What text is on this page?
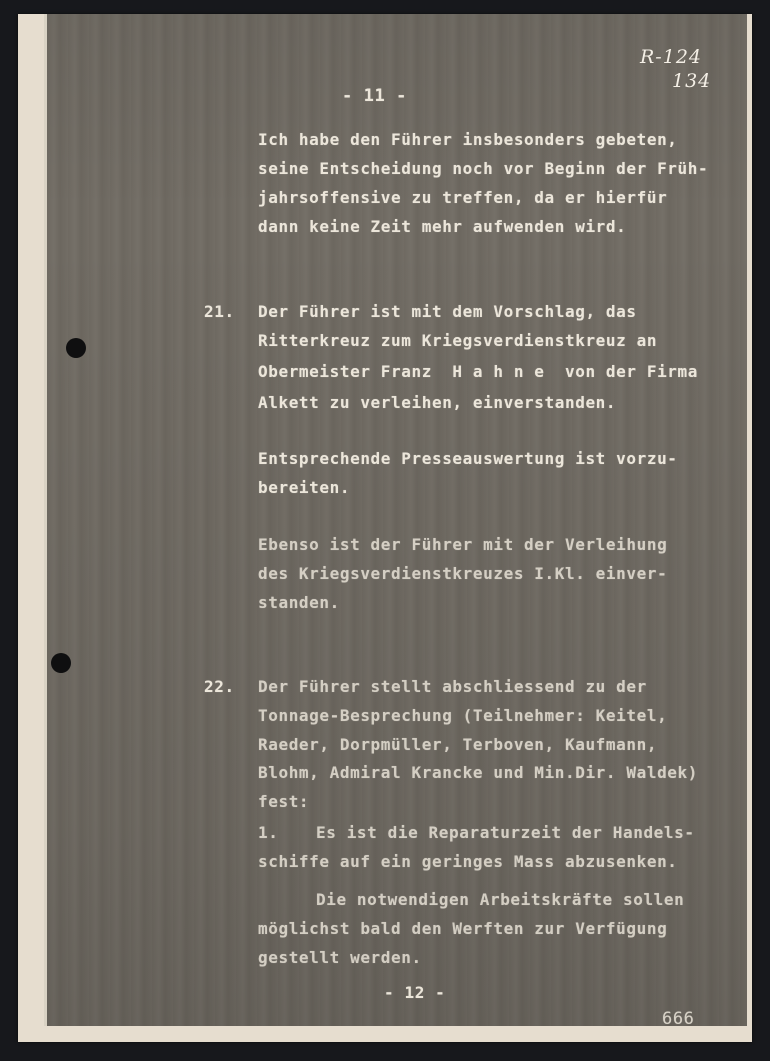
R-124
134
- 11 -
Ich habe den Führer insbesonders gebeten,
seine Entscheidung noch vor Beginn der Früh-
jahrsoffensive zu treffen, da er hierfür
dann keine Zeit mehr aufwenden wird.
21. Der Führer ist mit dem Vorschlag, das
Ritterkreuz zum Kriegsverdienstkreuz an
Obermeister Franz  H a h n e  von der Firma
Alkett zu verleihen, einverstanden.
Entsprechende Presseauswertung ist vorzu-
bereiten.
Ebenso ist der Führer mit der Verleihung
des Kriegsverdienstkreuzes I.Kl. einver-
standen.
22. Der Führer stellt abschliessend zu der
Tonnage-Besprechung (Teilnehmer: Keitel,
Raeder, Dorpmüller, Terboven, Kaufmann,
Blohm, Admiral Krancke und Min.Dir. Waldek)
fest:
1. Es ist die Reparaturzeit der Handels-
schiffe auf ein geringes Mass abzusenken.
Die notwendigen Arbeitskräfte sollen
möglichst bald den Werften zur Verfügung
gestellt werden.
- 12 -
666
